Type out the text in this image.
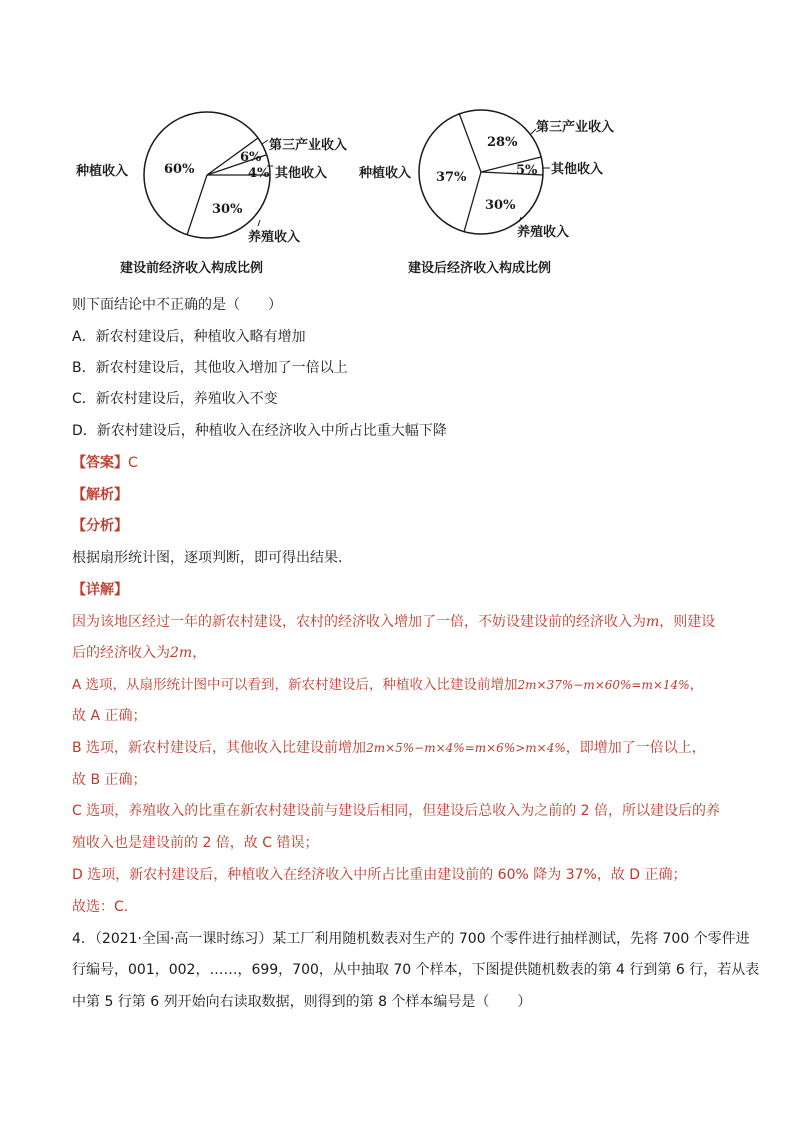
60%
6%
4%
30%
种植收入
第三产业收入
其他收入
养殖收入
建设前经济收入构成比例
37%
28%
5%
30%
种植收入
第三产业收入
其他收入
养殖收入
建设后经济收入构成比例
则下面结论中不正确的是（　　）
A．新农村建设后，种植收入略有增加
B．新农村建设后，其他收入增加了一倍以上
C．新农村建设后，养殖收入不变
D．新农村建设后，种植收入在经济收入中所占比重大幅下降
【答案】C
【解析】
【分析】
根据扇形统计图，逐项判断，即可得出结果.
【详解】
因为该地区经过一年的新农村建设，农村的经济收入增加了一倍，不妨设建设前的经济收入为m，则建设
后的经济收入为2m，
A 选项，从扇形统计图中可以看到，新农村建设后，种植收入比建设前增加2m×37%−m×60%=m×14%，
故 A 正确；
B 选项，新农村建设后，其他收入比建设前增加2m×5%−m×4%=m×6%>m×4%，即增加了一倍以上，
故 B 正确；
C 选项，养殖收入的比重在新农村建设前与建设后相同，但建设后总收入为之前的 2 倍，所以建设后的养
殖收入也是建设前的 2 倍，故 C 错误；
D 选项，新农村建设后，种植收入在经济收入中所占比重由建设前的 60% 降为 37%，故 D 正确；
故选：C.
4．（2021·全国·高一课时练习）某工厂利用随机数表对生产的 700 个零件进行抽样测试，先将 700 个零件进
行编号，001，002，……，699，700，从中抽取 70 个样本，下图提供随机数表的第 4 行到第 6 行，若从表
中第 5 行第 6 列开始向右读取数据，则得到的第 8 个样本编号是（　　）
